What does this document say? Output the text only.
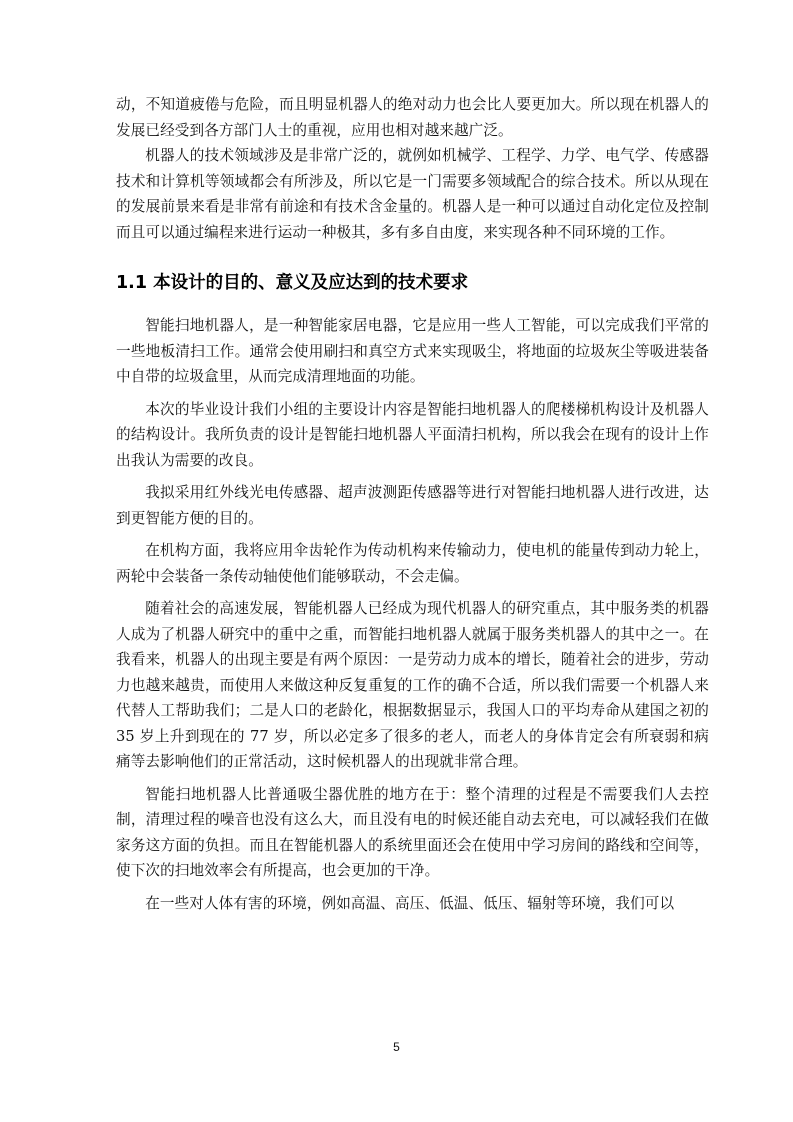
动，不知道疲倦与危险，而且明显机器人的绝对动力也会比人要更加大。所以现在机器人的发展已经受到各方部门人士的重视，应用也相对越来越广泛。

机器人的技术领域涉及是非常广泛的，就例如机械学、工程学、力学、电气学、传感器技术和计算机等领域都会有所涉及，所以它是一门需要多领域配合的综合技术。所以从现在的发展前景来看是非常有前途和有技术含金量的。机器人是一种可以通过自动化定位及控制而且可以通过编程来进行运动一种极其，多有多自由度，来实现各种不同环境的工作。

1.1 本设计的目的、意义及应达到的技术要求

智能扫地机器人，是一种智能家居电器，它是应用一些人工智能，可以完成我们平常的一些地板清扫工作。通常会使用刷扫和真空方式来实现吸尘，将地面的垃圾灰尘等吸进装备中自带的垃圾盒里，从而完成清理地面的功能。

本次的毕业设计我们小组的主要设计内容是智能扫地机器人的爬楼梯机构设计及机器人的结构设计。我所负责的设计是智能扫地机器人平面清扫机构，所以我会在现有的设计上作出我认为需要的改良。

我拟采用红外线光电传感器、超声波测距传感器等进行对智能扫地机器人进行改进，达到更智能方便的目的。

在机构方面，我将应用伞齿轮作为传动机构来传输动力，使电机的能量传到动力轮上，两轮中会装备一条传动轴使他们能够联动，不会走偏。

随着社会的高速发展，智能机器人已经成为现代机器人的研究重点，其中服务类的机器人成为了机器人研究中的重中之重，而智能扫地机器人就属于服务类机器人的其中之一。在我看来，机器人的出现主要是有两个原因：一是劳动力成本的增长，随着社会的进步，劳动力也越来越贵，而使用人来做这种反复重复的工作的确不合适，所以我们需要一个机器人来代替人工帮助我们；二是人口的老龄化，根据数据显示，我国人口的平均寿命从建国之初的 35 岁上升到现在的 77 岁，所以必定多了很多的老人，而老人的身体肯定会有所衰弱和病痛等去影响他们的正常活动，这时候机器人的出现就非常合理。

智能扫地机器人比普通吸尘器优胜的地方在于：整个清理的过程是不需要我们人去控制，清理过程的噪音也没有这么大，而且没有电的时候还能自动去充电，可以减轻我们在做家务这方面的负担。而且在智能机器人的系统里面还会在使用中学习房间的路线和空间等，使下次的扫地效率会有所提高，也会更加的干净。

在一些对人体有害的环境，例如高温、高压、低温、低压、辐射等环境，我们可以

5
